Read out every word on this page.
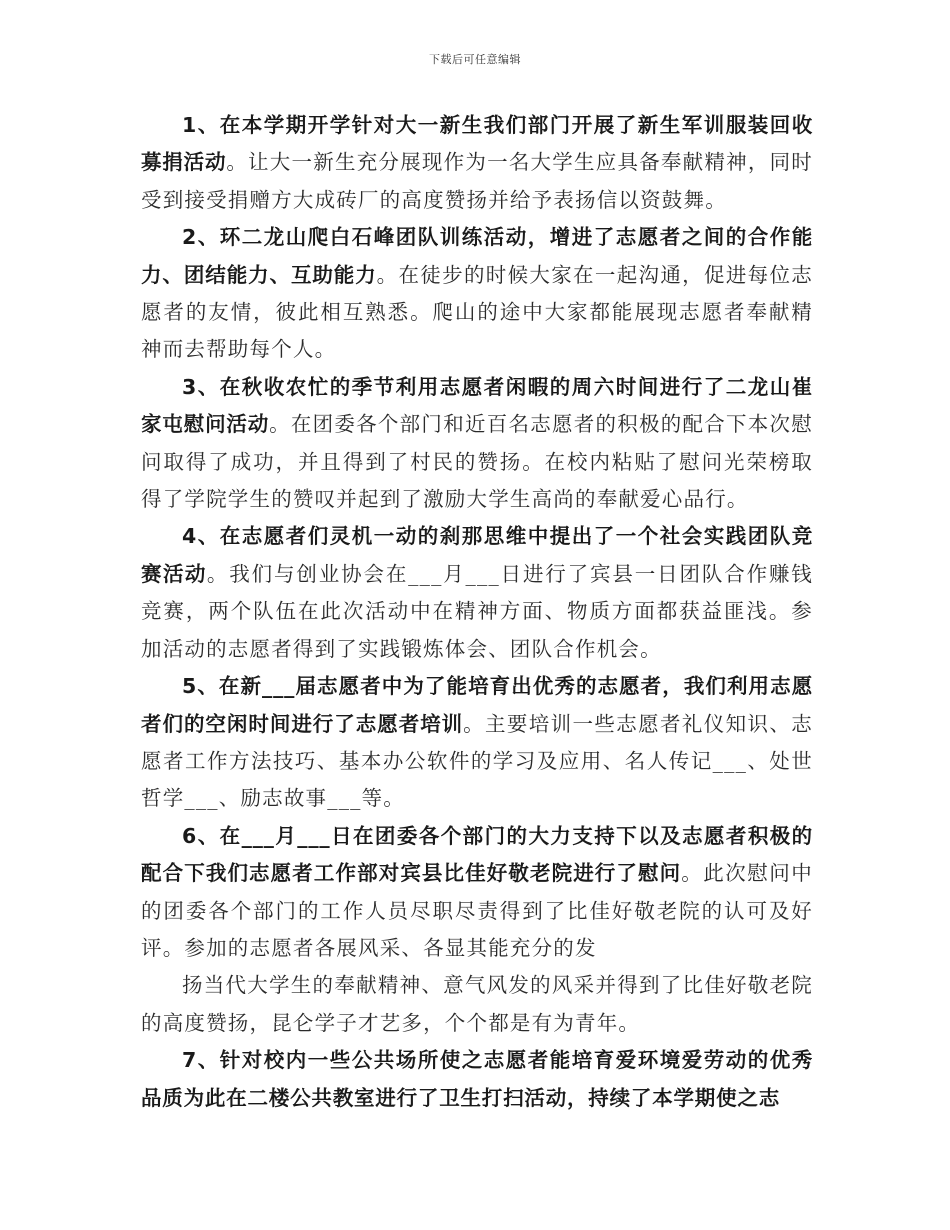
下载后可任意编辑

1、在本学期开学针对大一新生我们部门开展了新生军训服装回收募捐活动。让大一新生充分展现作为一名大学生应具备奉献精神，同时受到接受捐赠方大成砖厂的高度赞扬并给予表扬信以资鼓舞。

2、环二龙山爬白石峰团队训练活动，增进了志愿者之间的合作能力、团结能力、互助能力。在徒步的时候大家在一起沟通，促进每位志愿者的友情，彼此相互熟悉。爬山的途中大家都能展现志愿者奉献精神而去帮助每个人。

3、在秋收农忙的季节利用志愿者闲暇的周六时间进行了二龙山崔家屯慰问活动。在团委各个部门和近百名志愿者的积极的配合下本次慰问取得了成功，并且得到了村民的赞扬。在校内粘贴了慰问光荣榜取得了学院学生的赞叹并起到了激励大学生高尚的奉献爱心品行。

4、在志愿者们灵机一动的刹那思维中提出了一个社会实践团队竞赛活动。我们与创业协会在___月___日进行了宾县一日团队合作赚钱竞赛，两个队伍在此次活动中在精神方面、物质方面都获益匪浅。参加活动的志愿者得到了实践锻炼体会、团队合作机会。

5、在新___届志愿者中为了能培育出优秀的志愿者，我们利用志愿者们的空闲时间进行了志愿者培训。主要培训一些志愿者礼仪知识、志愿者工作方法技巧、基本办公软件的学习及应用、名人传记___、处世哲学___、励志故事___等。

6、在___月___日在团委各个部门的大力支持下以及志愿者积极的配合下我们志愿者工作部对宾县比佳好敬老院进行了慰问。此次慰问中的团委各个部门的工作人员尽职尽责得到了比佳好敬老院的认可及好评。参加的志愿者各展风采、各显其能充分的发

扬当代大学生的奉献精神、意气风发的风采并得到了比佳好敬老院的高度赞扬，昆仑学子才艺多，个个都是有为青年。

7、针对校内一些公共场所使之志愿者能培育爱环境爱劳动的优秀品质为此在二楼公共教室进行了卫生打扫活动，持续了本学期使之志
